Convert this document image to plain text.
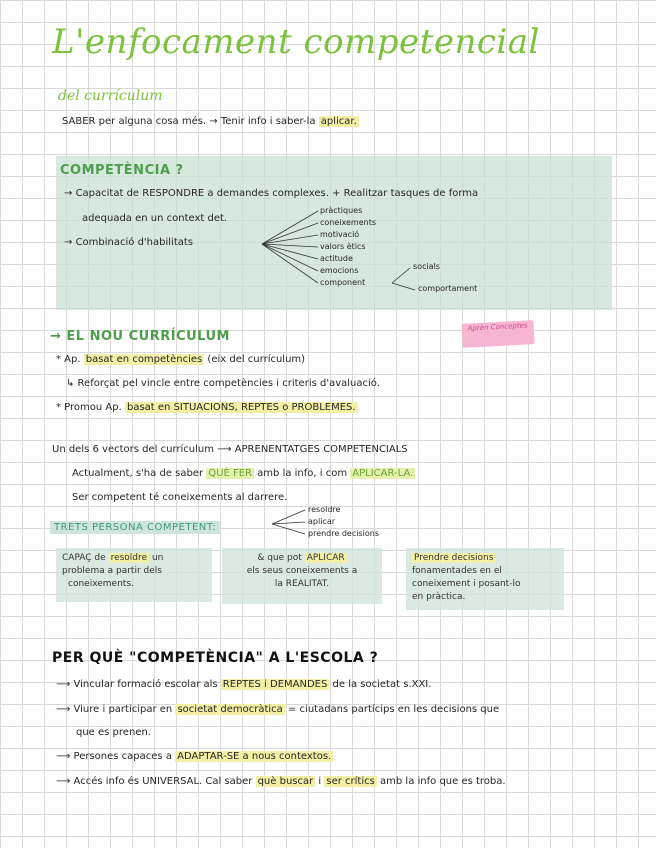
L'enfocament competencial
del currículum
SABER per alguna cosa més. → Tenir info i saber-la aplicar.
COMPETÈNCIA ?
→ Capacitat de RESPONDRE a demandes complexes. + Realitzar tasques de forma
adequada en un context det.
→ Combinació d'habilitats
pràctiques
coneixements
motivació
valors ètics
actitude
emocions
component
socials
comportament
→ EL NOU CURRÍCULUM
Aprèn Conceptes
* Ap. basat en competències (eix del currículum)
↳ Reforçat pel vincle entre competències i criteris d'avaluació.
* Promou Ap. basat en SITUACIONS, REPTES o PROBLEMES.
Un dels 6 vectors del currículum ⟶ APRENENTATGES COMPETENCIALS
Actualment, s'ha de saber QUÈ FER amb la info, i com APLICAR-LA.
Ser competent té coneixements al darrere.
TRETS PERSONA COMPETENT:
resoldre
aplicar
prendre decisions
CAPAÇ de resoldre un
problema a partir dels
coneixements.
& que pot APLICAR
els seus coneixements a
la REALITAT.
Prendre decisions
fonamentades en el
coneixement i posant-lo
en pràctica.
PER QUÈ "COMPETÈNCIA" A L'ESCOLA ?
⟶ Vincular formació escolar als REPTES i DEMANDES de la societat s.XXI.
⟶ Viure i participar en societat democràtica = ciutadans partícips en les decisions que
que es prenen.
⟶ Persones capaces a ADAPTAR-SE a nous contextos.
⟶ Accés info és UNIVERSAL. Cal saber què buscar i ser crítics amb la info que es troba.
